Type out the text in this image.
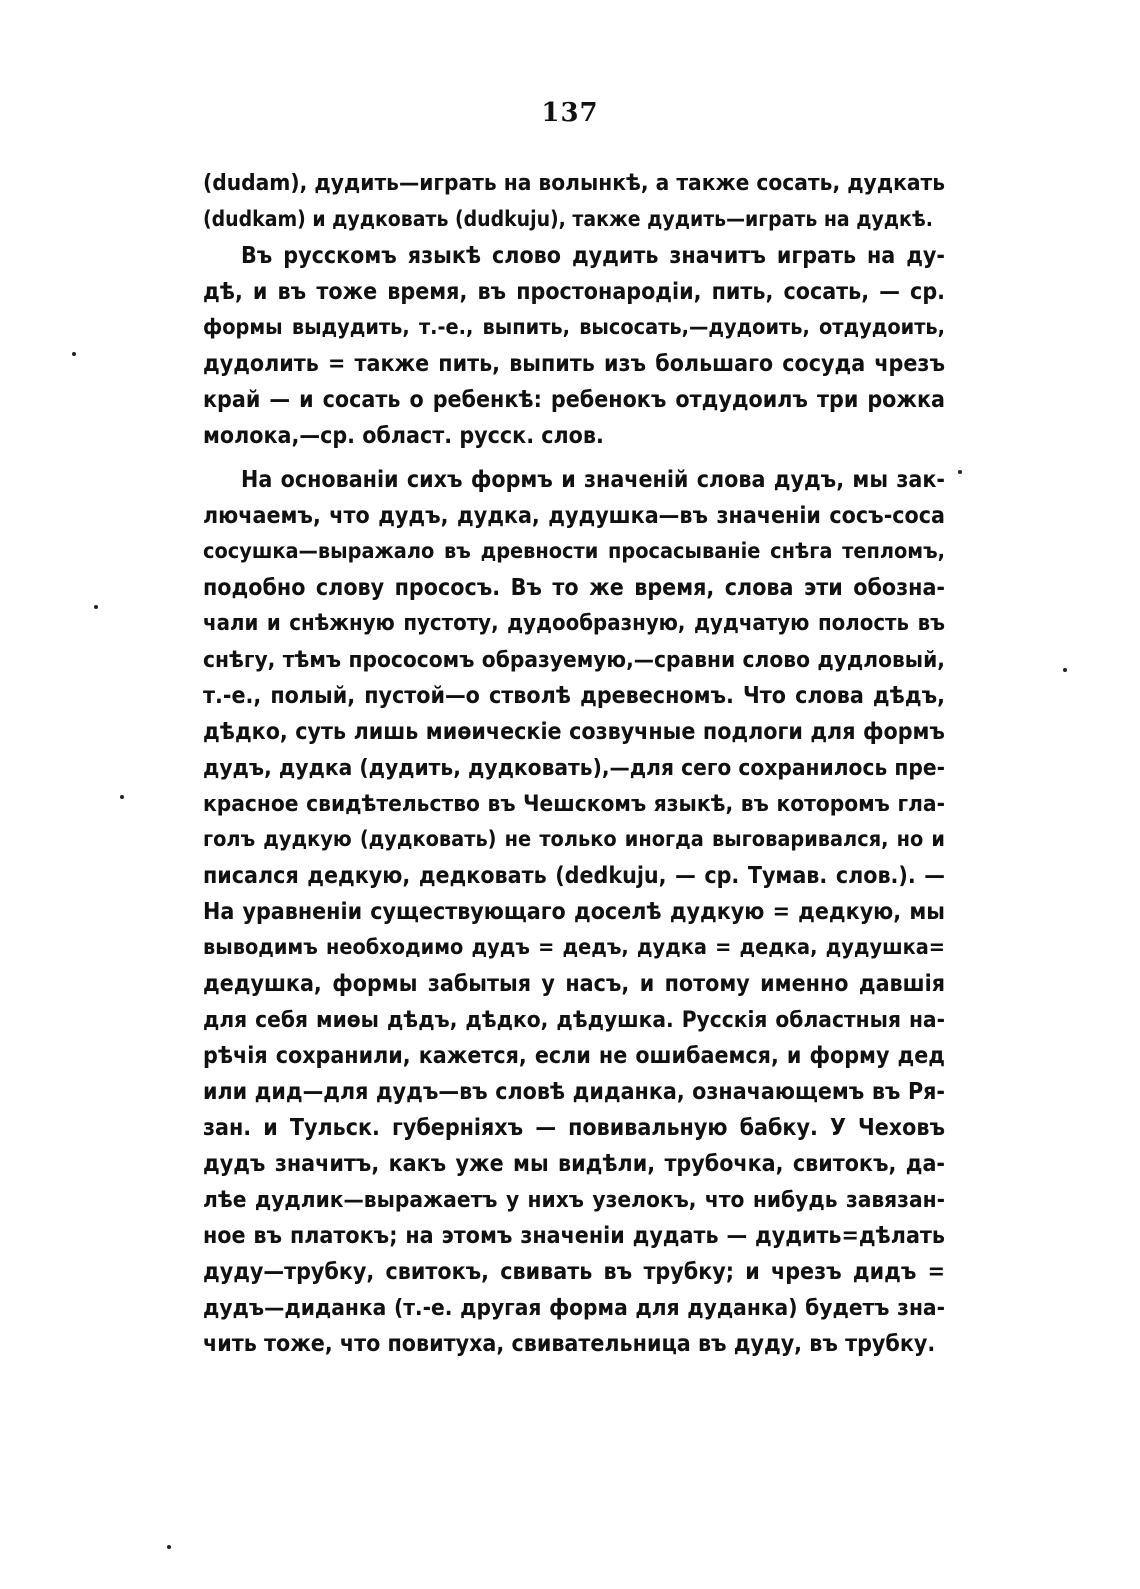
137
(dudam), дудить—играть на волынкѣ, а также сосать, дудкать
(dudkam) и дудковать (dudkuju), также дудить—играть на дудкѣ.
Въ русскомъ языкѣ слово дудить значитъ играть на ду-
дѣ, и въ тоже время, въ простонародіи, пить, сосать, — ср.
формы выдудить, т.-е., выпить, высосать,—дудоить, отдудоить,
дудолить = также пить, выпить изъ большаго сосуда чрезъ
край — и сосать о ребенкѣ: ребенокъ отдудоилъ три рожка
молока,—ср. област. русск. слов.
На основаніи сихъ формъ и значеній слова дудъ, мы зак-
лючаемъ, что дудъ, дудка, дудушка—въ значеніи сосъ-соса
сосушка—выражало въ древности просасываніе снѣга тепломъ,
подобно слову прососъ. Въ то же время, слова эти обозна-
чали и снѣжную пустоту, дудообразную, дудчатую полость въ
снѣгу, тѣмъ прососомъ образуемую,—сравни слово дудловый,
т.-е., полый, пустой—о стволѣ древесномъ. Что слова дѣдъ,
дѣдко, суть лишь миѳическіе созвучные подлоги для формъ
дудъ, дудка (дудить, дудковать),—для сего сохранилось пре-
красное свидѣтельство въ Чешскомъ языкѣ, въ которомъ гла-
голъ дудкую (дудковать) не только иногда выговаривался, но и
писался дедкую, дедковать (dedkuju, — ср. Тумав. слов.). —
На уравненіи существующаго доселѣ дудкую = дедкую, мы
выводимъ необходимо дудъ = дедъ, дудка = дедка, дудушка=
дедушка, формы забытыя у насъ, и потому именно давшія
для себя миѳы дѣдъ, дѣдко, дѣдушка. Русскія областныя на-
рѣчія сохранили, кажется, если не ошибаемся, и форму дед
или дид—для дудъ—въ словѣ диданка, означающемъ въ Ря-
зан. и Тульск. губерніяхъ — повивальную бабку. У Чеховъ
дудъ значитъ, какъ уже мы видѣли, трубочка, свитокъ, да-
лѣе дудлик—выражаетъ у нихъ узелокъ, что нибудь завязан-
ное въ платокъ; на этомъ значеніи дудать — дудить=дѣлать
дуду—трубку, свитокъ, свивать въ трубку; и чрезъ дидъ =
дудъ—диданка (т.-е. другая форма для дуданка) будетъ зна-
чить тоже, что повитуха, свивательница въ дуду, въ трубку.
